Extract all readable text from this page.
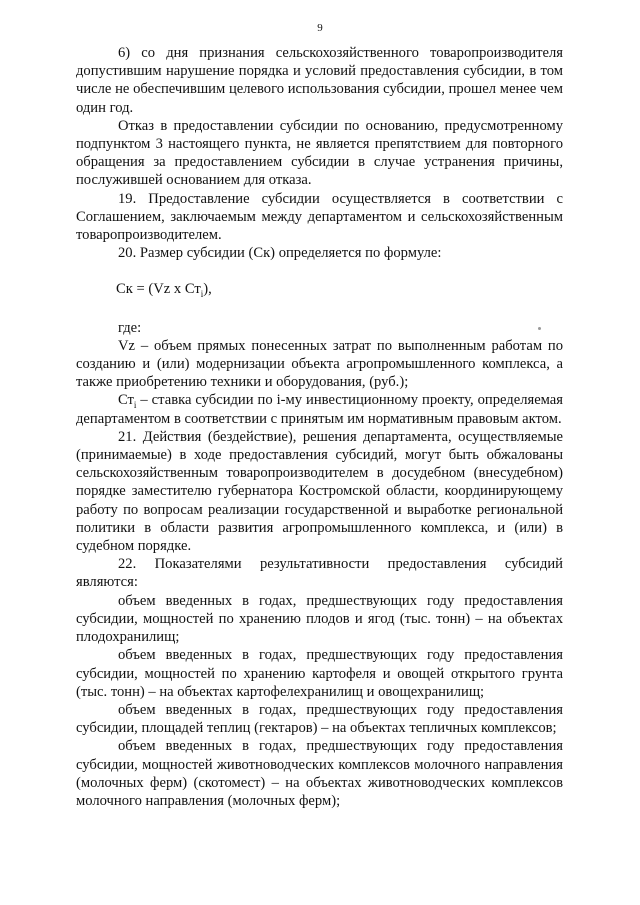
9

6) со дня признания сельскохозяйственного товаропроизводителя допустившим нарушение порядка и условий предоставления субсидии, в том числе не обеспечившим целевого использования субсидии, прошел менее чем один год.

Отказ в предоставлении субсидии по основанию, предусмотренному подпунктом 3 настоящего пункта, не является препятствием для повторного обращения за предоставлением субсидии в случае устранения причины, послужившей основанием для отказа.

19. Предоставление субсидии осуществляется в соответствии с Соглашением, заключаемым между департаментом и сельскохозяйственным товаропроизводителем.

20. Размер субсидии (Ск) определяется по формуле:

Ск = (Vz х $Ст_i$),

где:

Vz – объем прямых понесенных затрат по выполненным работам по созданию и (или) модернизации объекта агропромышленного комплекса, а также приобретению техники и оборудования, (руб.);

$Ст_i$ – ставка субсидии по i-му инвестиционному проекту, определяемая департаментом в соответствии с принятым им нормативным правовым актом.

21. Действия (бездействие), решения департамента, осуществляемые (принимаемые) в ходе предоставления субсидий, могут быть обжалованы сельскохозяйственным товаропроизводителем в досудебном (внесудебном) порядке заместителю губернатора Костромской области, координирующему работу по вопросам реализации государственной и выработке региональной политики в области развития агропромышленного комплекса, и (или) в судебном порядке.

22. Показателями результативности предоставления субсидий являются:

объем введенных в годах, предшествующих году предоставления субсидии, мощностей по хранению плодов и ягод (тыс. тонн) – на объектах плодохранилищ;

объем введенных в годах, предшествующих году предоставления субсидии, мощностей по хранению картофеля и овощей открытого грунта (тыс. тонн) – на объектах картофелехранилищ и овощехранилищ;

объем введенных в годах, предшествующих году предоставления субсидии, площадей теплиц (гектаров) – на объектах тепличных комплексов;

объем введенных в годах, предшествующих году предоставления субсидии, мощностей животноводческих комплексов молочного направления (молочных ферм) (скотомест) – на объектах животноводческих комплексов молочного направления (молочных ферм);
